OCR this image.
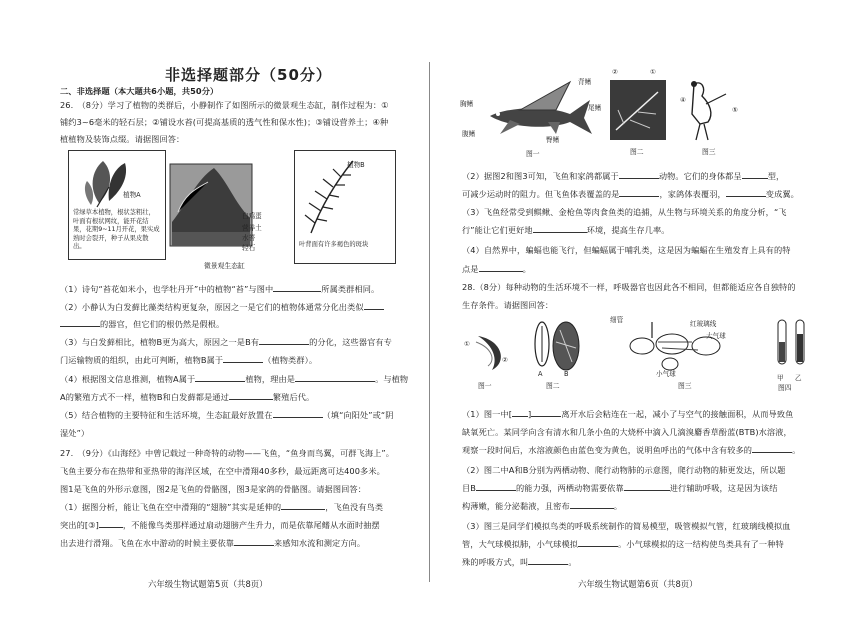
非选择题部分（50分）
二、非选择题（本大题共6小题，共50分）
26.　（8分）学习了植物的类群后，小静制作了如图所示的微景观生态缸，制作过程为：①
铺约3~6毫米的轻石层；②铺设水苔(可提高基质的透气性和保水性)；③铺设营养土；④种
植植物及装饰点缀。请据图回答：
植物A
常绿草本植物，根状茎粗壮，叶面有根状网纹，能开花结果，花期9~11月开花，果实成熟时会裂开，种子从果皮散出。
白鸡蛋
营养土
水苔
轻石
微景观生态缸
植物B
叶背面有许多褐色的斑块
（1）诗句“苔花如米小，也学牡丹开”中的植物“苔”与图中	所属类群相同。
（2）小静认为白发藓比藻类结构更复杂，原因之一是它们的植物体通常分化出类似
的器官，但它们的根仍然是假根。
（3）与白发藓相比，植物B更为高大，原因之一是B有	的分化，这些器官有专
门运输物质的组织，由此可判断，植物B属于	（植物类群）。
（4）根据图文信息推测，植物A属于	植物，理由是	。与植物
A的繁殖方式不一样，植物B和白发藓都是通过	繁殖后代。
（5）结合植物的主要特征和生活环境，生态缸最好放置在	（填“向阳处”或“阴
湿处”）
27.　（9分）《山海经》中曾记载过一种奇特的动物——飞鱼，“鱼身而鸟翼，可群飞海上”。
飞鱼主要分布在热带和亚热带的海洋区域，在空中滑翔40多秒，最远距离可达400多米。
图1是飞鱼的外形示意图，图2是飞鱼的骨骼图，图3是家鸽的骨骼图。请据图回答：
（1）据图分析，能让飞鱼在空中滑翔的“翅膀”其实是延伸的	，飞鱼没有鸟类
突出的[③]	，不能像鸟类那样通过扇动翅膀产生升力，而是依靠尾鳍从水面时抽摆
出去进行滑翔。飞鱼在水中游动的时候主要依靠	来感知水流和测定方向。
六年级生物试题第5页（共8页）
胸鳍
背鳍
腹鳍
臀鳍
尾鳍
图一
②	①
图二
④
⑤
图三
（2）据图2和图3可知，飞鱼和家鸽都属于	动物。它们的身体都呈	型，
可减少运动时的阻力。但飞鱼体表覆盖的是	，家鸽体表覆羽，	变成翼。
（3）飞鱼经常受到鲯鳅、金枪鱼等肉食鱼类的追捕，从生物与环境关系的角度分析，“飞
行”能让它们更好地	环境，提高生存几率。
（4）自然界中，蝙蝠也能飞行，但蝙蝠属于哺乳类，这是因为蝙蝠在生殖发育上具有的特
点是	。
28.（8分）每种动物的生活环境不一样，呼吸器官也因此各不相同，但都能适应各自独特的
生存条件。请据图回答：
①
②
图一
A	B
图二
细管	红玻璃线
大气球
小气球
图三
甲 乙
图四
（1）图一中[ ]	离开水后会粘连在一起，减小了与空气的接触面积，从而导致鱼
缺氧死亡。某同学向含有清水和几条小鱼的大烧杯中滴入几滴溴麝香草酚蓝(BTB)水溶液，
观察一段时间后，水溶液颜色由蓝色变为黄色，说明鱼呼出的气体中含有较多的	。
（2）图二中A和B分别为两栖动物、爬行动物肺的示意图，爬行动物的肺更发达，所以题
目B	的能力强，两栖动物需要依靠	进行辅助呼吸，这是因为该结
构薄嫩，能分泌黏液，且密布	。
（3）图三是同学们模拟鸟类的呼吸系统制作的简易模型，吸管模拟气管，红玻璃线模拟血
管，大气球模拟肺，小气球模拟	。小气球模拟的这一结构使鸟类具有了一种特
殊的呼吸方式，叫	。
六年级生物试题第6页（共8页）
